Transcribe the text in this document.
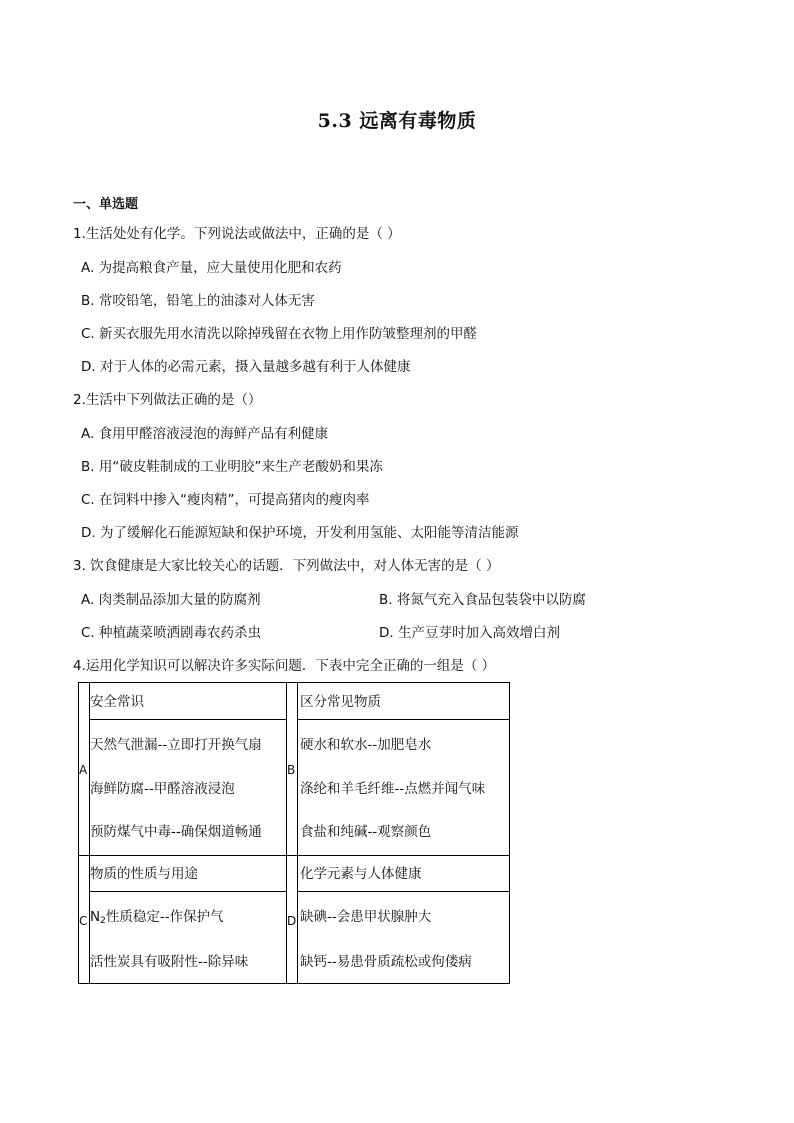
5.3 远离有毒物质
一、单选题
1.生活处处有化学。下列说法或做法中，正确的是（ ）
A. 为提高粮食产量，应大量使用化肥和农药
B. 常咬铅笔，铅笔上的油漆对人体无害
C. 新买衣服先用水清洗以除掉残留在衣物上用作防皱整理剂的甲醛
D. 对于人体的必需元素，摄入量越多越有利于人体健康
2.生活中下列做法正确的是（）
A. 食用甲醛溶液浸泡的海鲜产品有利健康
B. 用“破皮鞋制成的工业明胶”来生产老酸奶和果冻
C. 在饲料中掺入“瘦肉精”，可提高猪肉的瘦肉率
D. 为了缓解化石能源短缺和保护环境，开发利用氢能、太阳能等清洁能源
3. 饮食健康是大家比较关心的话题．下列做法中，对人体无害的是（ ）
A. 肉类制品添加大量的防腐剂	B. 将氮气充入食品包装袋中以防腐
C. 种植蔬菜喷洒剧毒农药杀虫	D. 生产豆芽时加入高效增白剂
4.运用化学知识可以解决许多实际问题．下表中完全正确的一组是（ ）
A
安全常识
天然气泄漏--立即打开换气扇
海鲜防腐--甲醛溶液浸泡
预防煤气中毒--确保烟道畅通
B
区分常见物质
硬水和软水--加肥皂水
涤纶和羊毛纤维--点燃并闻气味
食盐和纯碱--观察颜色
C
物质的性质与用途
$N_2$性质稳定--作保护气
活性炭具有吸附性--除异味
D
化学元素与人体健康
缺碘--会患甲状腺肿大
缺钙--易患骨质疏松或佝偻病
